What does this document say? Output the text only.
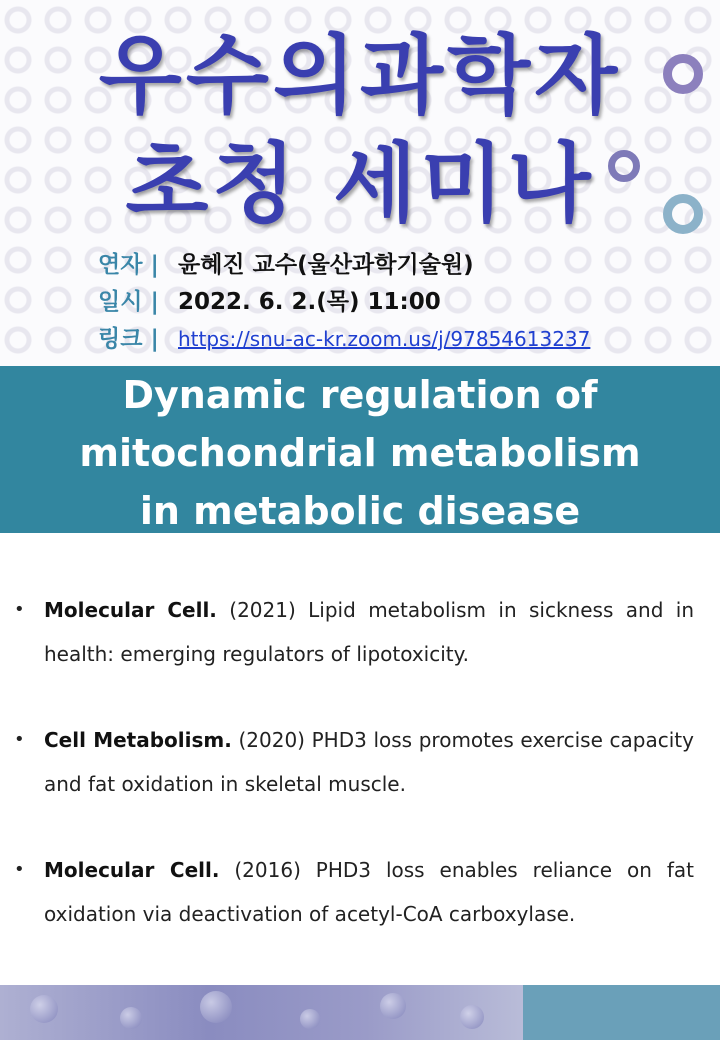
우수의과학자
초청 세미나
연자 | 윤혜진 교수(울산과학기술원)
일시 | 2022. 6. 2.(목) 11:00
링크 | https://snu-ac-kr.zoom.us/j/97854613237
Dynamic regulation of
mitochondrial metabolism
in metabolic disease
• Molecular Cell. (2021) Lipid metabolism in sickness and in health: emerging regulators of lipotoxicity.
• Cell Metabolism. (2020) PHD3 loss promotes exercise capacity and fat oxidation in skeletal muscle.
• Molecular Cell. (2016) PHD3 loss enables reliance on fat oxidation via deactivation of acetyl-CoA carboxylase.
